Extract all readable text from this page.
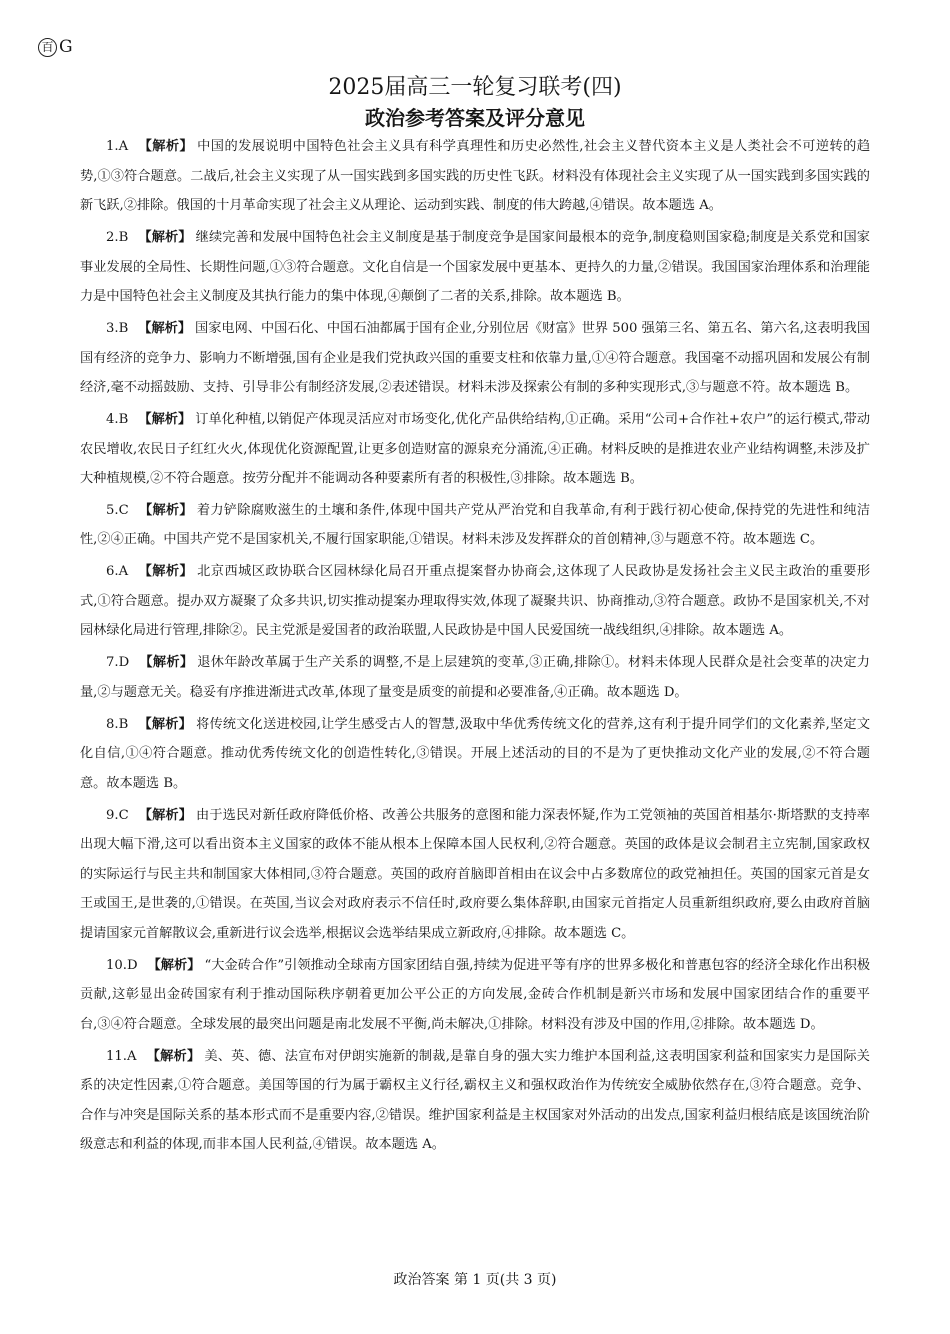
百 G
2025届高三一轮复习联考(四)
政治参考答案及评分意见

1.A 【解析】 中国的发展说明中国特色社会主义具有科学真理性和历史必然性,社会主义替代资本主义是人类社会不可逆转的趋势,①③符合题意。二战后,社会主义实现了从一国实践到多国实践的历史性飞跃。材料没有体现社会主义实现了从一国实践到多国实践的新飞跃,②排除。俄国的十月革命实现了社会主义从理论、运动到实践、制度的伟大跨越,④错误。故本题选 A。

2.B 【解析】 继续完善和发展中国特色社会主义制度是基于制度竞争是国家间最根本的竞争,制度稳则国家稳;制度是关系党和国家事业发展的全局性、长期性问题,①③符合题意。文化自信是一个国家发展中更基本、更持久的力量,②错误。我国国家治理体系和治理能力是中国特色社会主义制度及其执行能力的集中体现,④颠倒了二者的关系,排除。故本题选 B。

3.B 【解析】 国家电网、中国石化、中国石油都属于国有企业,分别位居《财富》世界 500 强第三名、第五名、第六名,这表明我国国有经济的竞争力、影响力不断增强,国有企业是我们党执政兴国的重要支柱和依靠力量,①④符合题意。我国毫不动摇巩固和发展公有制经济,毫不动摇鼓励、支持、引导非公有制经济发展,②表述错误。材料未涉及探索公有制的多种实现形式,③与题意不符。故本题选 B。

4.B 【解析】 订单化种植,以销促产体现灵活应对市场变化,优化产品供给结构,①正确。采用“公司+合作社+农户”的运行模式,带动农民增收,农民日子红红火火,体现优化资源配置,让更多创造财富的源泉充分涌流,④正确。材料反映的是推进农业产业结构调整,未涉及扩大种植规模,②不符合题意。按劳分配并不能调动各种要素所有者的积极性,③排除。故本题选 B。

5.C 【解析】 着力铲除腐败滋生的土壤和条件,体现中国共产党从严治党和自我革命,有利于践行初心使命,保持党的先进性和纯洁性,②④正确。中国共产党不是国家机关,不履行国家职能,①错误。材料未涉及发挥群众的首创精神,③与题意不符。故本题选 C。

6.A 【解析】 北京西城区政协联合区园林绿化局召开重点提案督办协商会,这体现了人民政协是发扬社会主义民主政治的重要形式,①符合题意。提办双方凝聚了众多共识,切实推动提案办理取得实效,体现了凝聚共识、协商推动,③符合题意。政协不是国家机关,不对园林绿化局进行管理,排除②。民主党派是爱国者的政治联盟,人民政协是中国人民爱国统一战线组织,④排除。故本题选 A。

7.D 【解析】 退休年龄改革属于生产关系的调整,不是上层建筑的变革,③正确,排除①。材料未体现人民群众是社会变革的决定力量,②与题意无关。稳妥有序推进渐进式改革,体现了量变是质变的前提和必要准备,④正确。故本题选 D。

8.B 【解析】 将传统文化送进校园,让学生感受古人的智慧,汲取中华优秀传统文化的营养,这有利于提升同学们的文化素养,坚定文化自信,①④符合题意。推动优秀传统文化的创造性转化,③错误。开展上述活动的目的不是为了更快推动文化产业的发展,②不符合题意。故本题选 B。

9.C 【解析】 由于选民对新任政府降低价格、改善公共服务的意图和能力深表怀疑,作为工党领袖的英国首相基尔·斯塔默的支持率出现大幅下滑,这可以看出资本主义国家的政体不能从根本上保障本国人民权利,②符合题意。英国的政体是议会制君主立宪制,国家政权的实际运行与民主共和制国家大体相同,③符合题意。英国的政府首脑即首相由在议会中占多数席位的政党袖担任。英国的国家元首是女王或国王,是世袭的,①错误。在英国,当议会对政府表示不信任时,政府要么集体辞职,由国家元首指定人员重新组织政府,要么由政府首脑提请国家元首解散议会,重新进行议会选举,根据议会选举结果成立新政府,④排除。故本题选 C。

10.D 【解析】 “大金砖合作”引领推动全球南方国家团结自强,持续为促进平等有序的世界多极化和普惠包容的经济全球化作出积极贡献,这彰显出金砖国家有利于推动国际秩序朝着更加公平公正的方向发展,金砖合作机制是新兴市场和发展中国家团结合作的重要平台,③④符合题意。全球发展的最突出问题是南北发展不平衡,尚未解决,①排除。材料没有涉及中国的作用,②排除。故本题选 D。

11.A 【解析】 美、英、德、法宣布对伊朗实施新的制裁,是靠自身的强大实力维护本国利益,这表明国家利益和国家实力是国际关系的决定性因素,①符合题意。美国等国的行为属于霸权主义行径,霸权主义和强权政治作为传统安全威胁依然存在,③符合题意。竞争、合作与冲突是国际关系的基本形式而不是重要内容,②错误。维护国家利益是主权国家对外活动的出发点,国家利益归根结底是该国统治阶级意志和利益的体现,而非本国人民利益,④错误。故本题选 A。

政治答案 第 1 页(共 3 页)
